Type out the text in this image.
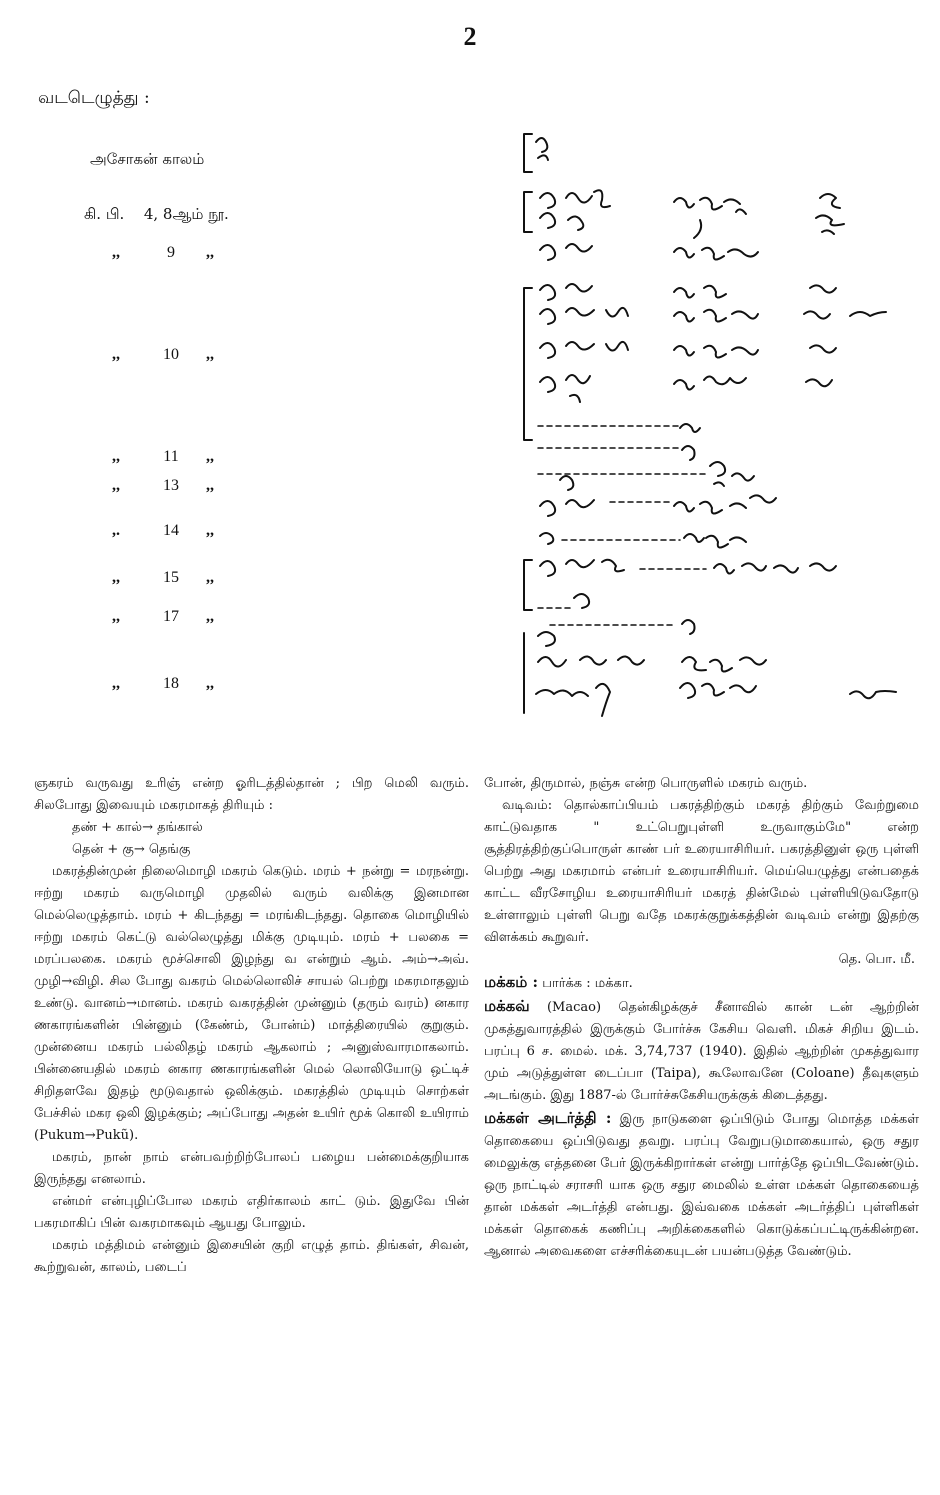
2
வடடெழுத்து :
அசோகன் காலம்
கி. பி. 4, 8ஆம் நூ.
,,	9 ,,
,,	10 ,,
,,	11 ,,
,,	13 ,,
,.	14 ,,
,,	15 ,,
,,	17 ,,
,,	18 ,,

ஞகரம் வருவது உரிஞ் என்ற ஓரிடத்தில்தான் ; பிற மெலி வரும். சிலபோது இவையும் மகரமாகத் திரியும் :

தண் + கால்→ தங்கால்

தென் + கு→ தெங்கு

மகரத்தின்முன் நிலைமொழி மகரம் கெடும். மரம் + நன்று = மரநன்று. ஈற்று மகரம் வருமொழி முதலில் வரும் வலிக்கு இனமான மெல்லெழுத்தாம். மரம் + கிடந்தது = மரங்கிடந்தது. தொகை மொழியில் ஈற்று மகரம் கெட்டு வல்லெழுத்து மிக்கு முடியும். மரம் + பலகை = மரப்பலகை. மகரம் மூச்சொலி இழந்து வ என்றும் ஆம். அம்→அவ். முழி→விழி. சில போது வகரம் மெல்லொலிச் சாயல் பெற்று மகரமாதலும் உண்டு. வானம்→மானம். மகரம் வகரத்தின் முன்னும் (தரும் வரம்) னகார ணகாரங்களின் பின்னும் (கேண்ம், போன்ம்) மாத்திரையில் குறுகும். முன்னைய மகரம் பல்லிதழ் மகரம் ஆகலாம் ; அனுஸ்வாரமாகலாம். பின்னையதில் மகரம் னகார ணகாரங்களின் மெல் லொலியோடு ஒட்டிச் சிறிதளவே இதழ் மூடுவதால் ஒலிக்கும். மகரத்தில் முடியும் சொற்கள் பேச்சில் மகர ஒலி இழக்கும்; அப்போது அதன் உயிர் மூக் கொலி உயிராம் (Pukum→Pukũ).

மகரம், நான் நாம் என்பவற்றிற்போலப் பழைய பன்மைக்குறியாக இருந்தது எனலாம்.

என்மர் என்புழிப்போல மகரம் எதிர்காலம் காட் டும். இதுவே பின் பகரமாகிப் பின் வகரமாகவும் ஆயது போலும்.

மகரம் மத்திமம் என்னும் இசையின் குறி எழுத் தாம். திங்கள், சிவன், கூற்றுவன், காலம், படைப்

போன், திருமால், நஞ்சு என்ற பொருளில் மகரம் வரும்.

வடிவம்: தொல்காப்பியம் பகரத்திற்கும் மகரத் திற்கும் வேற்றுமை காட்டுவதாக " உட்பெறுபுள்ளி உருவாகும்மே" என்ற சூத்திரத்திற்குப்பொருள் காண் பர் உரையாசிரியர். பகரத்தினுள் ஒரு புள்ளி பெற்று அது மகரமாம் என்பர் உரையாசிரியர். மெய்யெழுத்து என்பதைக் காட்ட வீரசோழிய உரையாசிரியர் மகரத் தின்மேல் புள்ளியிடுவதோடு உள்ளாலும் புள்ளி பெறு வதே மகரக்குறுக்கத்தின் வடிவம் என்று இதற்கு விளக்கம் கூறுவர்.

தெ. பொ. மீ.

மக்கம் : பார்க்க : மக்கா.

மக்கவ் (Macao) தென்கிழக்குச் சீனாவில் கான் டன் ஆற்றின் முகத்துவாரத்தில் இருக்கும் போர்ச்சு கேசிய வெளி. மிகச் சிறிய இடம். பரப்பு 6 ச. மைல். மக். 3,74,737 (1940). இதில் ஆற்றின் முகத்துவார மும் அடுத்துள்ள டைப்பா (Taipa), கூலோவனே (Coloane) தீவுகளும் அடங்கும். இது 1887-ல் போர்ச்சுகேசியருக்குக் கிடைத்தது.

மக்கள் அடர்த்தி : இரு நாடுகளை ஒப்பிடும் போது மொத்த மக்கள் தொகையை ஒப்பிடுவது தவறு. பரப்பு வேறுபடுமாகையால், ஒரு சதுர மைலுக்கு எத்தனை பேர் இருக்கிறார்கள் என்று பார்த்தே ஒப்பிடவேண்டும். ஒரு நாட்டில் சராசரி யாக ஒரு சதுர மைலில் உள்ள மக்கள் தொகையைத் தான் மக்கள் அடர்த்தி என்பது. இவ்வகை மக்கள் அடர்த்திப் புள்ளிகள் மக்கள் தொகைக் கணிப்பு அறிக்கைகளில் கொடுக்கப்பட்டிருக்கின்றன. ஆனால் அவைகளை எச்சரிக்கையுடன் பயன்படுத்த வேண்டும்.
